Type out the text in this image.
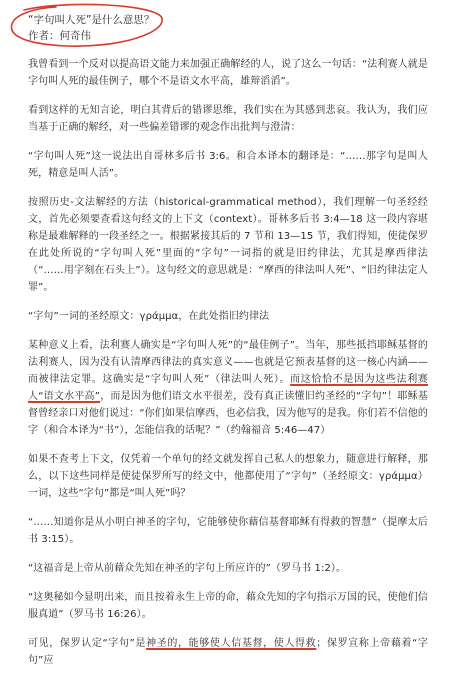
“字句叫人死”是什么意思？
作者：何奇伟

我曾看到一个反对以提高语文能力来加强正确解经的人，说了这么一句话：“法利赛人就是字句叫人死的最佳例子，哪个不是语文水平高，雄辩滔滔”。

看到这样的无知言论，明白其背后的错谬思维，我们实在为其感到悲哀。我认为，我们应当基于正确的解经，对一些偏差错谬的观念作出批判与澄清：

“字句叫人死”这一说法出自哥林多后书 3:6。和合本译本的翻译是：“……那字句是叫人死，精意是叫人活”。

按照历史-文法解经的方法（historical-grammatical method），我们理解一句圣经经文，首先必须要查看这句经文的上下文（context）。哥林多后书 3:4—18 这一段内容堪称是最难解释的一段圣经之一。根据紧接其后的 7 节和 13—15 节，我们得知，使徒保罗在此处所说的“字句叫人死”里面的“字句”一词指的就是旧约律法，尤其是摩西律法（“……用字刻在石头上”）。这句经文的意思就是：“摩西的律法叫人死”、“旧约律法定人罪”。

“字句”一词的圣经原文：γράμμα，在此处指旧约律法

某种意义上看，法利赛人确实是“字句叫人死”的“最佳例子”。当年，那些抵挡耶稣基督的法利赛人，因为没有认清摩西律法的真实意义——也就是它预表基督的这一核心内涵——而被律法定罪。这确实是“字句叫人死”（律法叫人死）。而这恰恰不是因为这些法利赛人“语文水平高”，而是因为他们语文水平很差，没有真正读懂旧约圣经的“字句”！耶稣基督曾经亲口对他们说过：“你们如果信摩西，也必信我，因为他写的是我。你们若不信他的字（和合本译为“书”），怎能信我的话呢？”（约翰福音 5:46—47）

如果不查考上下文，仅凭着一个单句的经文就发挥自己私人的想象力，随意进行解释，那么，以下这些同样是使徒保罗所写的经文中，他都使用了“字句”（圣经原文：γράμμα）一词，这些“字句”都是“叫人死”吗？

“……知道你是从小明白神圣的字句，它能够使你藉信基督耶稣有得救的智慧”（提摩太后书 3:15）。

“这福音是上帝从前藉众先知在神圣的字句上所应许的”（罗马书 1:2）。

“这奥秘如今显明出来，而且按着永生上帝的命，藉众先知的字句指示万国的民，使他们信服真道”（罗马书 16:26）。

可见，保罗认定“字句”是神圣的，能够使人信基督，使人得救；保罗宣称上帝藉着“字句”应
